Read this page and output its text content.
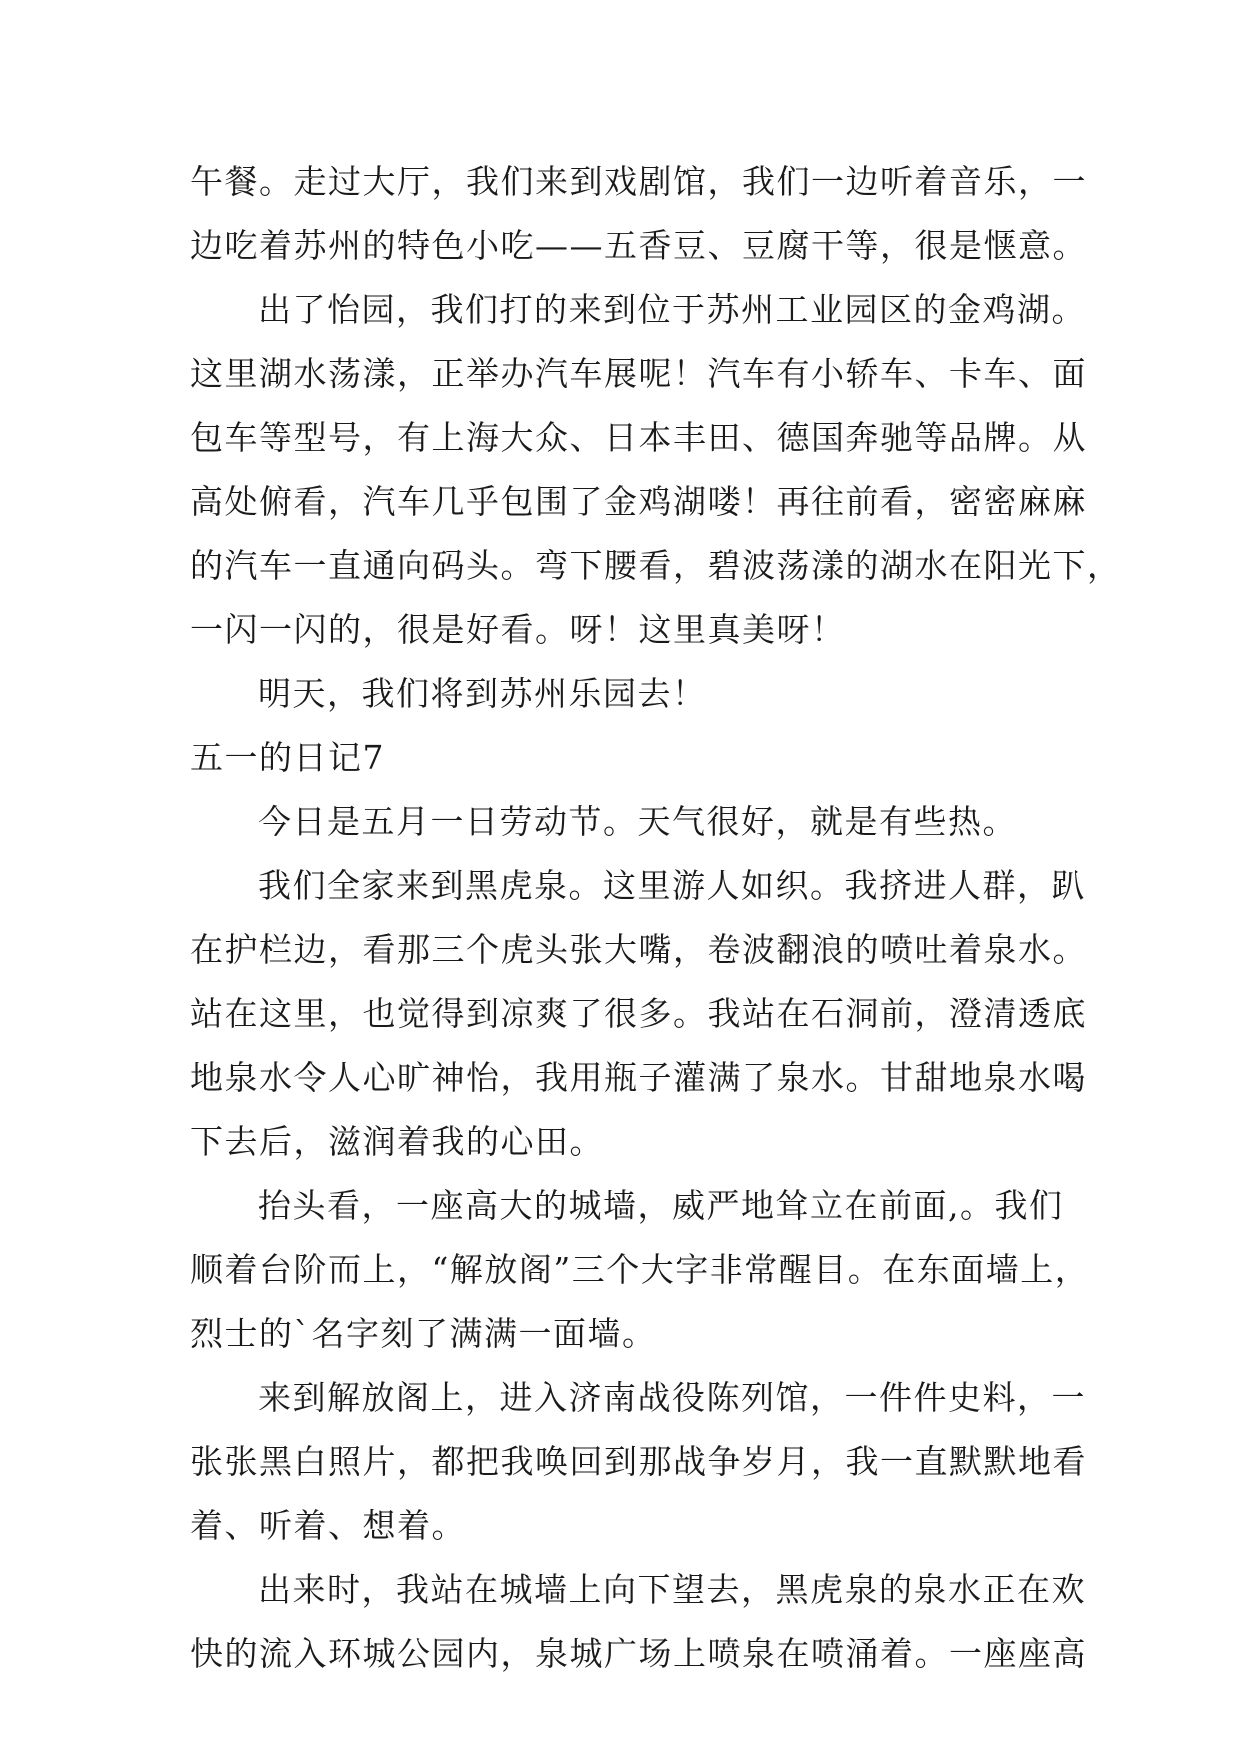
午餐。走过大厅，我们来到戏剧馆，我们一边听着音乐，一
边吃着苏州的特色小吃——五香豆、豆腐干等，很是惬意。
出了怡园，我们打的来到位于苏州工业园区的金鸡湖。
这里湖水荡漾，正举办汽车展呢！汽车有小轿车、卡车、面
包车等型号，有上海大众、日本丰田、德国奔驰等品牌。从
高处俯看，汽车几乎包围了金鸡湖喽！再往前看，密密麻麻
的汽车一直通向码头。弯下腰看，碧波荡漾的湖水在阳光下，
一闪一闪的，很是好看。呀！这里真美呀！
明天，我们将到苏州乐园去！
五一的日记7
今日是五月一日劳动节。天气很好，就是有些热。
我们全家来到黑虎泉。这里游人如织。我挤进人群，趴
在护栏边，看那三个虎头张大嘴，卷波翻浪的喷吐着泉水。
站在这里，也觉得到凉爽了很多。我站在石洞前，澄清透底
地泉水令人心旷神怡，我用瓶子灌满了泉水。甘甜地泉水喝
下去后，滋润着我的心田。
抬头看，一座高大的城墙，威严地耸立在前面,。我们
顺着台阶而上，“解放阁”三个大字非常醒目。在东面墙上，
烈士的`名字刻了满满一面墙。
来到解放阁上，进入济南战役陈列馆，一件件史料，一
张张黑白照片，都把我唤回到那战争岁月，我一直默默地看
着、听着、想着。
出来时，我站在城墙上向下望去，黑虎泉的泉水正在欢
快的流入环城公园内，泉城广场上喷泉在喷涌着。一座座高
